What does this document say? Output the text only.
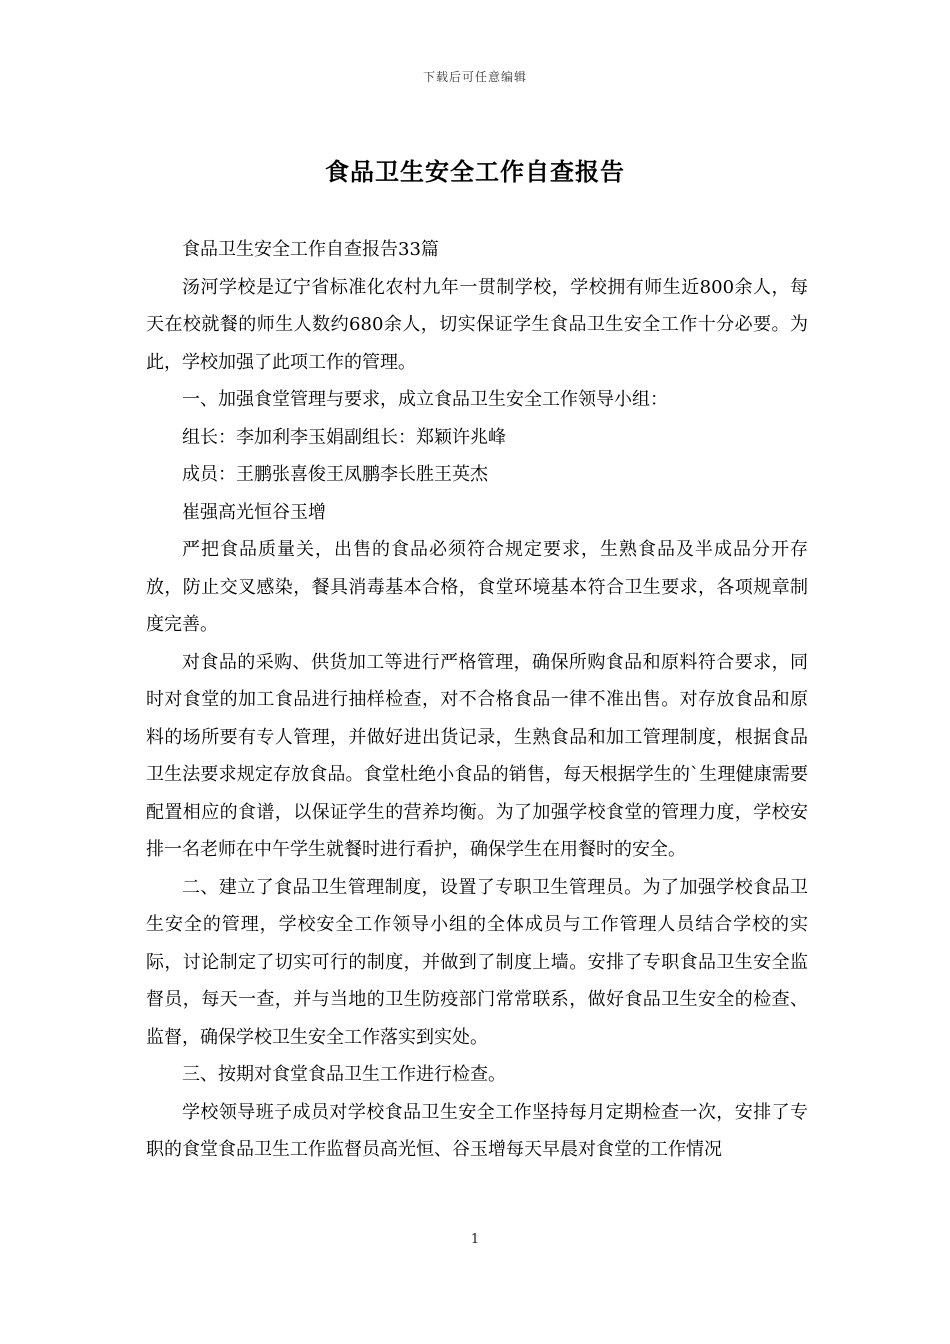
下载后可任意编辑
食品卫生安全工作自查报告

食品卫生安全工作自查报告33篇

汤河学校是辽宁省标准化农村九年一贯制学校，学校拥有师生近800余人，每天在校就餐的师生人数约680余人，切实保证学生食品卫生安全工作十分必要。为此，学校加强了此项工作的管理。

一、加强食堂管理与要求，成立食品卫生安全工作领导小组：

组长：李加利李玉娟副组长：郑颖许兆峰

成员：王鹏张喜俊王凤鹏李长胜王英杰

崔强高光恒谷玉增

严把食品质量关，出售的食品必须符合规定要求，生熟食品及半成品分开存放，防止交叉感染，餐具消毒基本合格，食堂环境基本符合卫生要求，各项规章制度完善。

对食品的采购、供货加工等进行严格管理，确保所购食品和原料符合要求，同时对食堂的加工食品进行抽样检查，对不合格食品一律不准出售。对存放食品和原料的场所要有专人管理，并做好进出货记录，生熟食品和加工管理制度，根据食品卫生法要求规定存放食品。食堂杜绝小食品的销售，每天根据学生的`生理健康需要配置相应的食谱，以保证学生的营养均衡。为了加强学校食堂的管理力度，学校安排一名老师在中午学生就餐时进行看护，确保学生在用餐时的安全。

二、建立了食品卫生管理制度，设置了专职卫生管理员。为了加强学校食品卫生安全的管理，学校安全工作领导小组的全体成员与工作管理人员结合学校的实际，讨论制定了切实可行的制度，并做到了制度上墙。安排了专职食品卫生安全监督员，每天一查，并与当地的卫生防疫部门常常联系，做好食品卫生安全的检查、监督，确保学校卫生安全工作落实到实处。

三、按期对食堂食品卫生工作进行检查。

学校领导班子成员对学校食品卫生安全工作坚持每月定期检查一次，安排了专职的食堂食品卫生工作监督员高光恒、谷玉增每天早晨对食堂的工作情况

1
